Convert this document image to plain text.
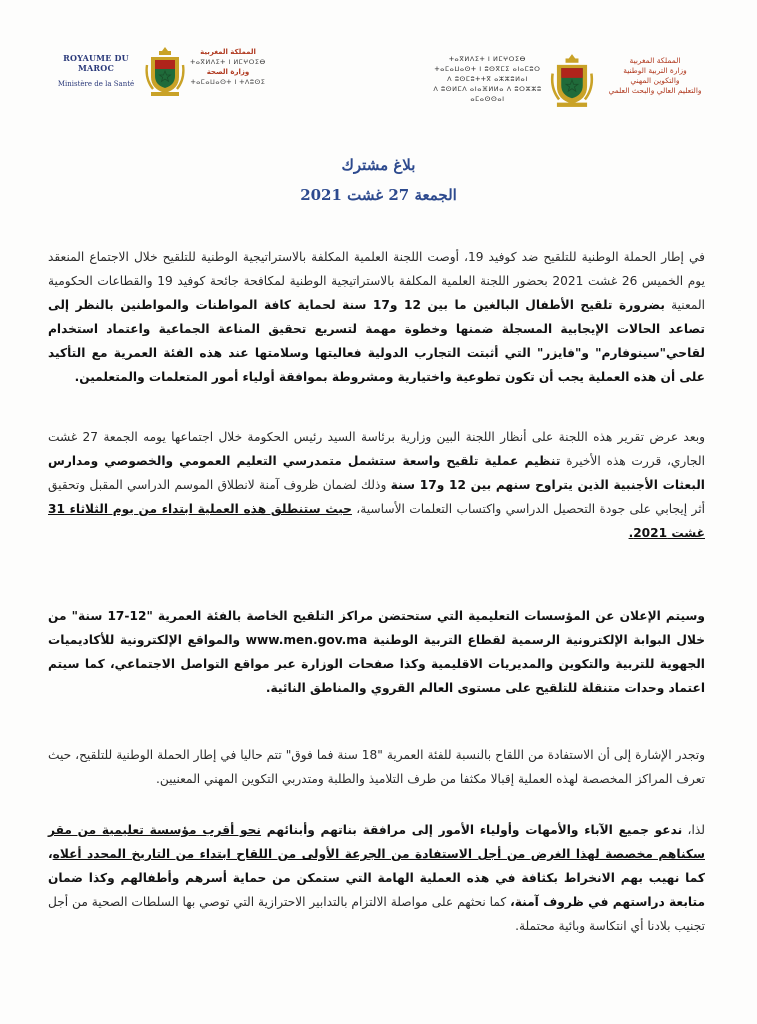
ROYAUME DU MAROC
Ministère de la Santé
المملكة المغربية
ⵜⴰⴳⵍⴷⵉⵜ ⵏ ⵍⵎⵖⵔⵉⴱ
وزارة الصحة
ⵜⴰⵎⴰⵡⴰⵙⵜ ⵏ ⵜⴷⵓⵙⵉ
ⵜⴰⴳⵍⴷⵉⵜ ⵏ ⵍⵎⵖⵔⵉⴱ
ⵜⴰⵎⴰⵡⴰⵙⵜ ⵏ ⵓⵙⴳⵎⵉ ⴰⵏⴰⵎⵓⵔ
ⴷ ⵓⵙⵎⵓⵜⵜⴳ ⴰⵣⵣⵓⵍⴰⵏ
ⴷ ⵓⵙⵍⵎⴷ ⴰⵏⴰⴼⵍⵍⴰ ⴷ ⵓⵔⵣⵣⵓ ⴰⵎⴰⵙⵙⴰⵏ
المملكة المغربية
وزارة التربية الوطنية
والتكوين المهني
والتعليم العالي والبحث العلمي
بلاغ مشترك
الجمعة 27 غشت 2021
في إطار الحملة الوطنية للتلقيح ضد كوفيد 19، أوصت اللجنة العلمية المكلفة بالاستراتيجية الوطنية للتلقيح خلال الاجتماع المنعقد يوم الخميس 26 غشت 2021 بحضور اللجنة العلمية المكلفة بالاستراتيجية الوطنية لمكافحة جائحة كوفيد 19 والقطاعات الحكومية المعنية بضرورة تلقيح الأطفال البالغين ما بين 12 و17 سنة لحماية كافة المواطنات والمواطنين بالنظر إلى تصاعد الحالات الإيجابية المسجلة ضمنها وخطوة مهمة لتسريع تحقيق المناعة الجماعية واعتماد استخدام لقاحي"سينوفارم" و"فايزر" التي أثبتت التجارب الدولية فعاليتها وسلامتها عند هذه الفئة العمرية مع التأكيد على أن هذه العملية يجب أن تكون تطوعية واختيارية ومشروطة بموافقة أولياء أمور المتعلمات والمتعلمين.
وبعد عرض تقرير هذه اللجنة على أنظار اللجنة البين وزارية برئاسة السيد رئيس الحكومة خلال اجتماعها يومه الجمعة 27 غشت الجاري، قررت هذه الأخيرة تنظيم عملية تلقيح واسعة ستشمل متمدرسي التعليم العمومي والخصوصي ومدارس البعثات الأجنبية الذين يتراوح سنهم بين 12 و17 سنة وذلك لضمان ظروف آمنة لانطلاق الموسم الدراسي المقبل وتحقيق أثر إيجابي على جودة التحصيل الدراسي واكتساب التعلمات الأساسية، حيث ستنطلق هذه العملية ابتداء من يوم الثلاثاء 31 غشت 2021.
وسيتم الإعلان عن المؤسسات التعليمية التي ستحتضن مراكز التلقيح الخاصة بالفئة العمرية "12-17 سنة" من خلال البوابة الإلكترونية الرسمية لقطاع التربية الوطنية www.men.gov.ma والمواقع الإلكترونية للأكاديميات الجهوية للتربية والتكوين والمديريات الاقليمية وكذا صفحات الوزارة عبر مواقع التواصل الاجتماعي، كما سيتم اعتماد وحدات متنقلة للتلقيح على مستوى العالم القروي والمناطق النائية.
وتجدر الإشارة إلى أن الاستفادة من اللقاح بالنسبة للفئة العمرية "18 سنة فما فوق" تتم حاليا في إطار الحملة الوطنية للتلقيح، حيث تعرف المراكز المخصصة لهذه العملية إقبالا مكثفا من طرف التلاميذ والطلبة ومتدربي التكوين المهني المعنيين.
لذا، ندعو جميع الآباء والأمهات وأولياء الأمور إلى مرافقة بناتهم وأبنائهم نحو أقرب مؤسسة تعليمية من مقر سكناهم مخصصة لهذا الغرض من أجل الاستفادة من الجرعة الأولى من اللقاح ابتداء من التاريخ المحدد أعلاه، كما نهيب بهم الانخراط بكثافة في هذه العملية الهامة التي ستمكن من حماية أسرهم وأطفالهم وكذا ضمان متابعة دراستهم في ظروف آمنة، كما نحثهم على مواصلة الالتزام بالتدابير الاحترازية التي توصي بها السلطات الصحية من أجل تجنيب بلادنا أي انتكاسة وبائية محتملة.
